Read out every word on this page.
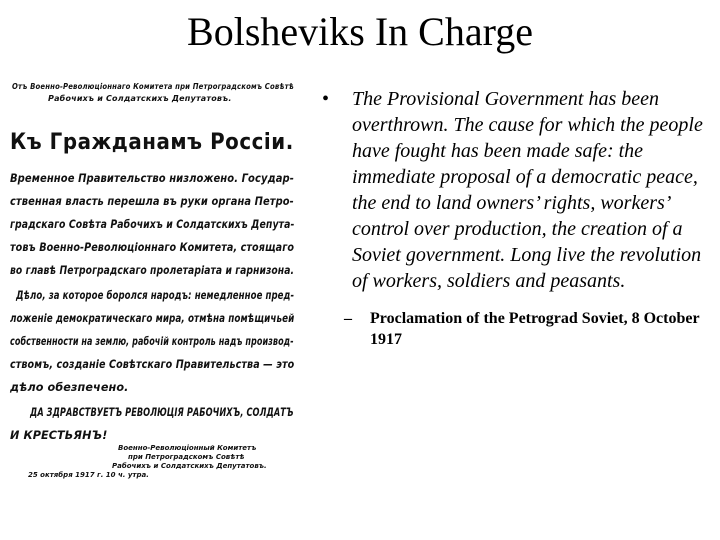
Bolsheviks In Charge
Отъ Военно-Революціоннаго Комитета при Петроградскомъ Совѣтѣ
Рабочихъ и Солдатскихъ Депутатовъ.
Къ Гражданамъ Россіи.
Временное Правительство низложено. Государ-
ственная власть перешла въ руки органа Петро-
градскаго Совѣта Рабочихъ и Солдатскихъ Депута-
товъ Военно-Революціоннаго Комитета, стоящаго
во главѣ Петроградскаго пролетаріата и гарнизона.
Дѣло, за которое боролся народъ: немедленное пред-
ложеніе демократическаго мира, отмѣна помѣщичьей
собственности на землю, рабочій контроль надъ производ-
ствомъ, созданіе Совѣтскаго Правительства — это
дѣло обезпечено.
ДА ЗДРАВСТВУЕТЪ РЕВОЛЮЦІЯ РАБОЧИХЪ, СОЛДАТЪ
И КРЕСТЬЯНЪ!
Военно-Революціонный Комитетъ
при Петроградскомъ Совѣтѣ
Рабочихъ и Солдатскихъ Депутатовъ.
25 октября 1917 г. 10 ч. утра.
•	The Provisional Government has been overthrown. The cause for which the people have fought has been made safe: the immediate proposal of a democratic peace, the end to land owners’ rights, workers’ control over production, the creation of a Soviet government. Long live the revolution of workers, soldiers and peasants.
–	Proclamation of the Petrograd Soviet, 8 October 1917
